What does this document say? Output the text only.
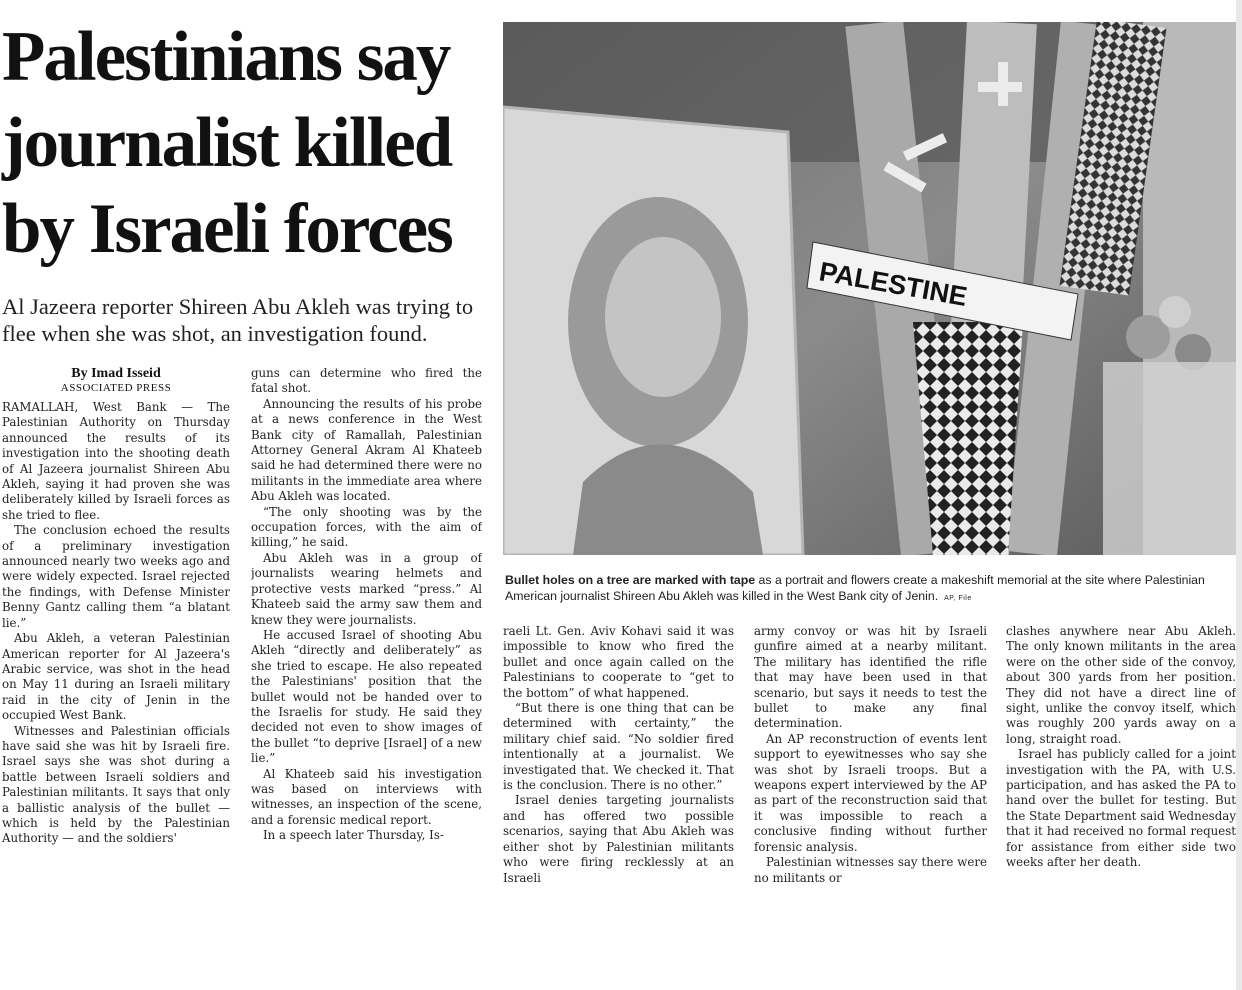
Palestinians say journalist killed by Israeli forces

Al Jazeera reporter Shireen Abu Akleh was trying to flee when she was shot, an investigation found.

By Imad Isseid
ASSOCIATED PRESS

RAMALLAH, West Bank — The Palestinian Authority on Thursday announced the results of its investigation into the shooting death of Al Jazeera journalist Shireen Abu Akleh, saying it had proven she was deliberately killed by Israeli forces as she tried to flee.

The conclusion echoed the results of a preliminary investigation announced nearly two weeks ago and were widely expected. Israel rejected the findings, with Defense Minister Benny Gantz calling them “a blatant lie.”

Abu Akleh, a veteran Palestinian American reporter for Al Jazeera's Arabic service, was shot in the head on May 11 during an Israeli military raid in the city of Jenin in the occupied West Bank.

Witnesses and Palestinian officials have said she was hit by Israeli fire. Israel says she was shot during a battle between Israeli soldiers and Palestinian militants. It says that only a ballistic analysis of the bullet — which is held by the Palestinian Authority — and the soldiers'

guns can determine who fired the fatal shot.

Announcing the results of his probe at a news conference in the West Bank city of Ramallah, Palestinian Attorney General Akram Al Khateeb said he had determined there were no militants in the immediate area where Abu Akleh was located.

“The only shooting was by the occupation forces, with the aim of killing,” he said.

Abu Akleh was in a group of journalists wearing helmets and protective vests marked “press.” Al Khateeb said the army saw them and knew they were journalists.

He accused Israel of shooting Abu Akleh “directly and deliberately” as she tried to escape. He also repeated the Palestinians' position that the bullet would not be handed over to the Israelis for study. He said they decided not even to show images of the bullet “to deprive [Israel] of a new lie.”

Al Khateeb said his investigation was based on interviews with witnesses, an inspection of the scene, and a forensic medical report.

In a speech later Thursday, Is-

PALESTINE
Bullet holes on a tree are marked with tape as a portrait and flowers create a makeshift memorial at the site where Palestinian American journalist Shireen Abu Akleh was killed in the West Bank city of Jenin. AP, File

raeli Lt. Gen. Aviv Kohavi said it was impossible to know who fired the bullet and once again called on the Palestinians to cooperate to “get to the bottom” of what happened.

“But there is one thing that can be determined with certainty,” the military chief said. “No soldier fired intentionally at a journalist. We investigated that. We checked it. That is the conclusion. There is no other.”

Israel denies targeting journalists and has offered two possible scenarios, saying that Abu Akleh was either shot by Palestinian militants who were firing recklessly at an Israeli

army convoy or was hit by Israeli gunfire aimed at a nearby militant. The military has identified the rifle that may have been used in that scenario, but says it needs to test the bullet to make any final determination.

An AP reconstruction of events lent support to eyewitnesses who say she was shot by Israeli troops. But a weapons expert interviewed by the AP as part of the reconstruction said that it was impossible to reach a conclusive finding without further forensic analysis.

Palestinian witnesses say there were no militants or

clashes anywhere near Abu Akleh. The only known militants in the area were on the other side of the convoy, about 300 yards from her position. They did not have a direct line of sight, unlike the convoy itself, which was roughly 200 yards away on a long, straight road.

Israel has publicly called for a joint investigation with the PA, with U.S. participation, and has asked the PA to hand over the bullet for testing. But the State Department said Wednesday that it had received no formal request for assistance from either side two weeks after her death.
